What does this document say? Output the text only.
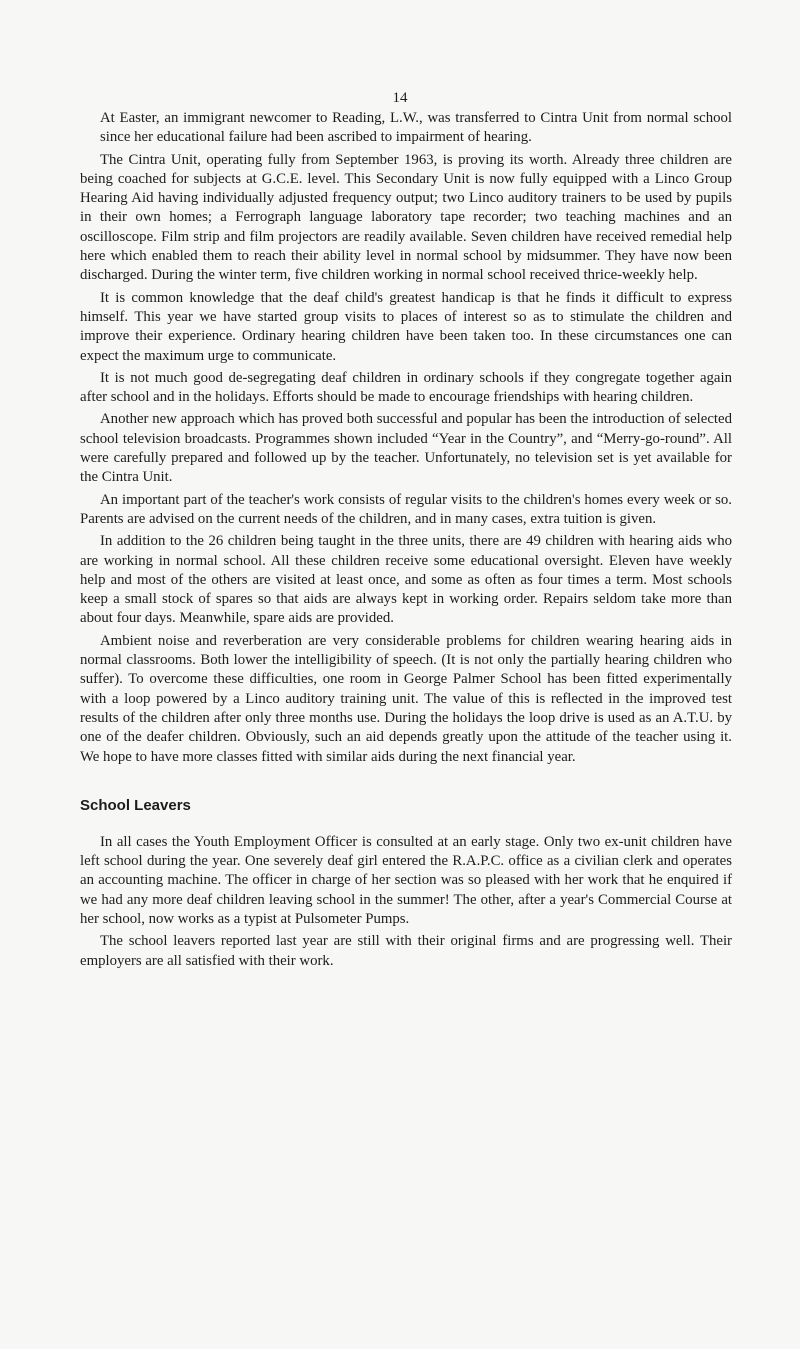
14

At Easter, an immigrant newcomer to Reading, L.W., was transferred to Cintra Unit from normal school since her educational failure had been ascribed to impairment of hearing.

The Cintra Unit, operating fully from September 1963, is proving its worth. Already three children are being coached for subjects at G.C.E. level. This Secondary Unit is now fully equipped with a Linco Group Hearing Aid having individually adjusted frequency output; two Linco auditory trainers to be used by pupils in their own homes; a Ferrograph language laboratory tape recorder; two teaching machines and an oscilloscope. Film strip and film projectors are readily available. Seven children have received remedial help here which enabled them to reach their ability level in normal school by midsummer. They have now been discharged. During the winter term, five children working in normal school received thrice-weekly help.

It is common knowledge that the deaf child's greatest handicap is that he finds it difficult to express himself. This year we have started group visits to places of interest so as to stimulate the children and improve their experience. Ordinary hearing children have been taken too. In these circumstances one can expect the maximum urge to communicate.

It is not much good de-segregating deaf children in ordinary schools if they congregate together again after school and in the holidays. Efforts should be made to encourage friendships with hearing children.

Another new approach which has proved both successful and popular has been the introduction of selected school television broadcasts. Programmes shown included “Year in the Country”, and “Merry-go-round”. All were carefully prepared and followed up by the teacher. Unfortunately, no television set is yet available for the Cintra Unit.

An important part of the teacher's work consists of regular visits to the children's homes every week or so. Parents are advised on the current needs of the children, and in many cases, extra tuition is given.

In addition to the 26 children being taught in the three units, there are 49 children with hearing aids who are working in normal school. All these children receive some educational oversight. Eleven have weekly help and most of the others are visited at least once, and some as often as four times a term. Most schools keep a small stock of spares so that aids are always kept in working order. Repairs seldom take more than about four days. Meanwhile, spare aids are provided.

Ambient noise and reverberation are very considerable problems for children wearing hearing aids in normal classrooms. Both lower the intelligibility of speech. (It is not only the partially hearing children who suffer). To overcome these difficulties, one room in George Palmer School has been fitted experimentally with a loop powered by a Linco auditory training unit. The value of this is reflected in the improved test results of the children after only three months use. During the holidays the loop drive is used as an A.T.U. by one of the deafer children. Obviously, such an aid depends greatly upon the attitude of the teacher using it. We hope to have more classes fitted with similar aids during the next financial year.

School Leavers

In all cases the Youth Employment Officer is consulted at an early stage. Only two ex-unit children have left school during the year. One severely deaf girl entered the R.A.P.C. office as a civilian clerk and operates an accounting machine. The officer in charge of her section was so pleased with her work that he enquired if we had any more deaf children leaving school in the summer! The other, after a year's Commercial Course at her school, now works as a typist at Pulsometer Pumps.

The school leavers reported last year are still with their original firms and are progressing well. Their employers are all satisfied with their work.
